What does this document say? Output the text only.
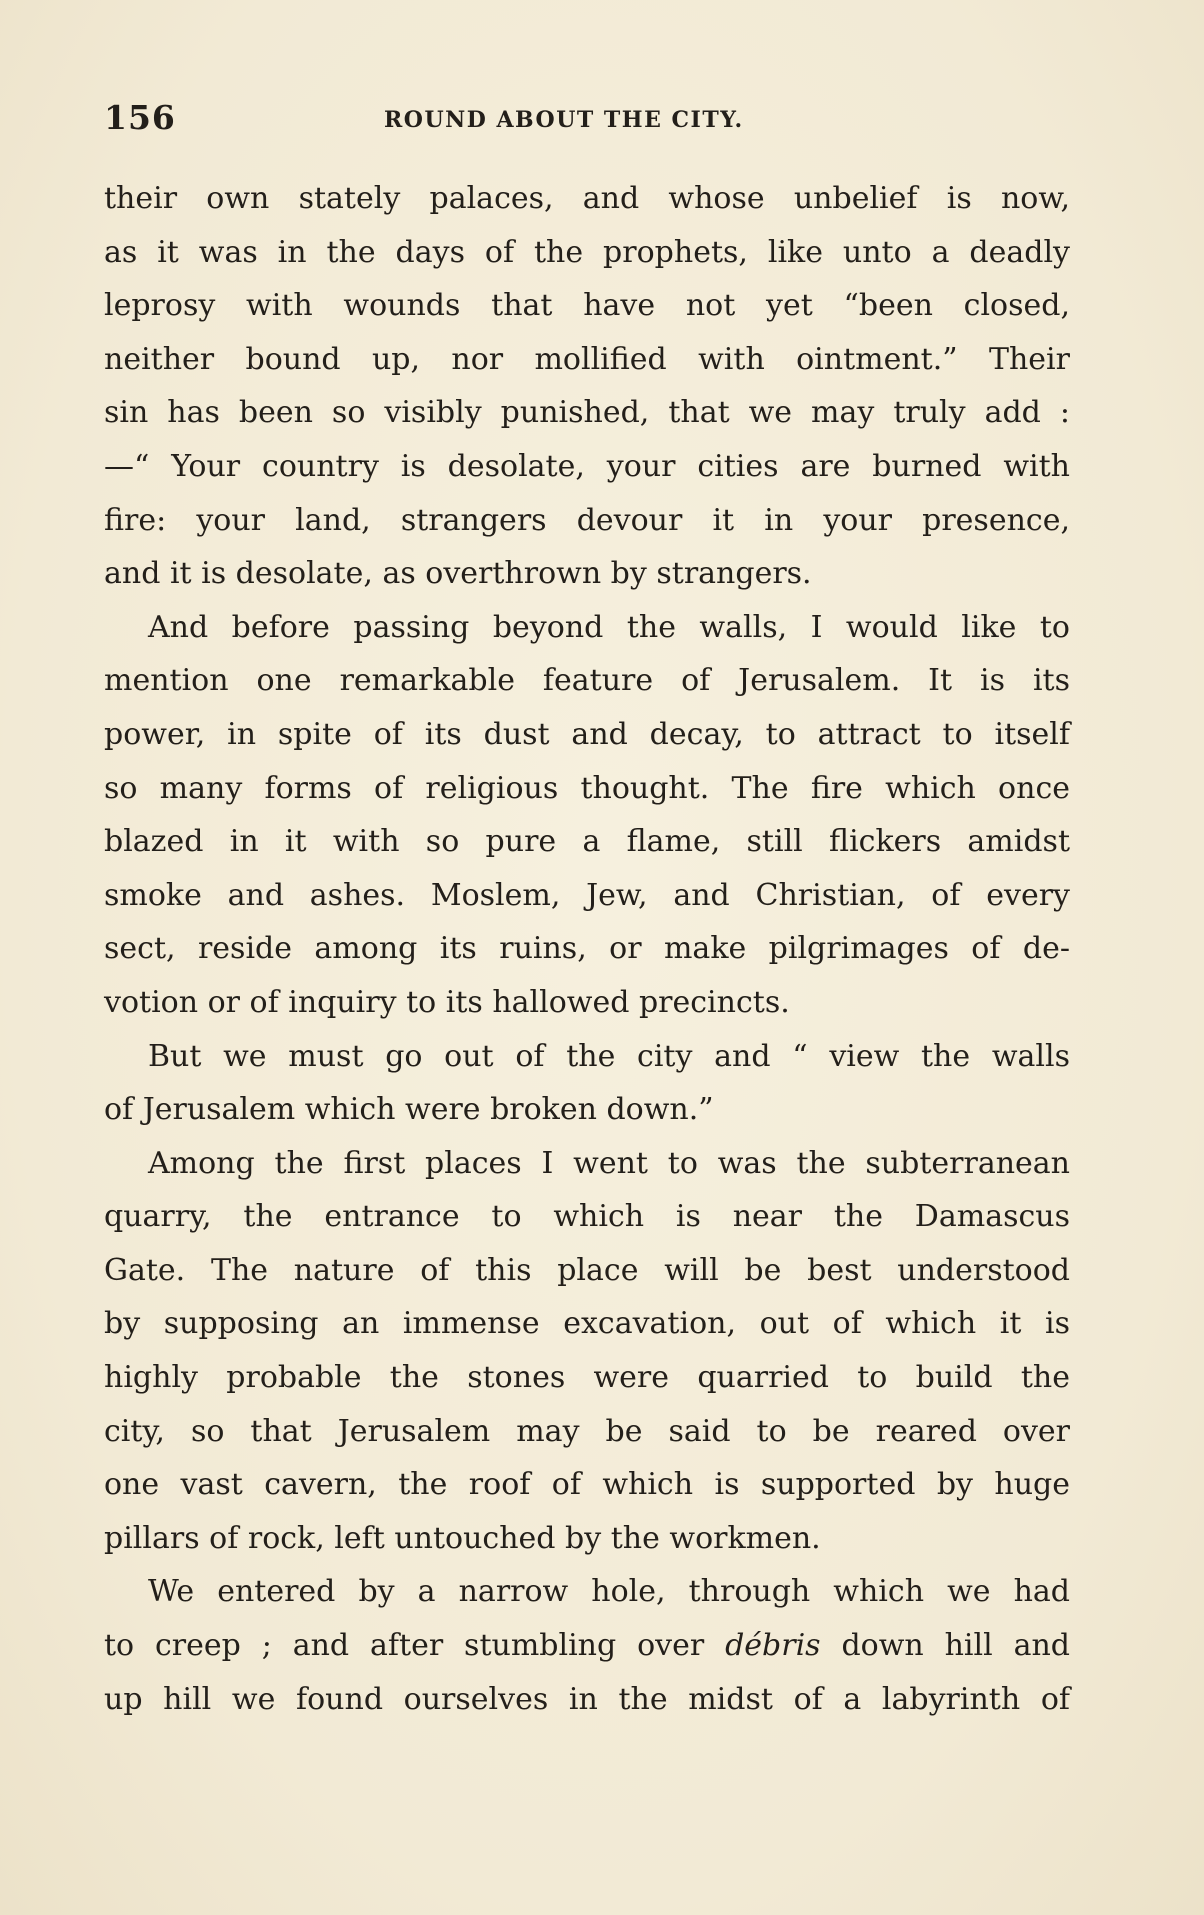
156	ROUND ABOUT THE CITY.
their own stately palaces, and whose unbelief is now,
as it was in the days of the prophets, like unto a deadly
leprosy with wounds that have not yet “been closed,
neither bound up, nor mollified with ointment.” Their
sin has been so visibly punished, that we may truly add :
—“ Your country is desolate, your cities are burned with
fire: your land, strangers devour it in your presence,
and it is desolate, as overthrown by strangers.
And before passing beyond the walls, I would like to
mention one remarkable feature of Jerusalem. It is its
power, in spite of its dust and decay, to attract to itself
so many forms of religious thought. The fire which once
blazed in it with so pure a flame, still flickers amidst
smoke and ashes. Moslem, Jew, and Christian, of every
sect, reside among its ruins, or make pilgrimages of de-
votion or of inquiry to its hallowed precincts.
But we must go out of the city and “ view the walls
of Jerusalem which were broken down.”
Among the first places I went to was the subterranean
quarry, the entrance to which is near the Damascus
Gate. The nature of this place will be best understood
by supposing an immense excavation, out of which it is
highly probable the stones were quarried to build the
city, so that Jerusalem may be said to be reared over
one vast cavern, the roof of which is supported by huge
pillars of rock, left untouched by the workmen.
We entered by a narrow hole, through which we had
to creep ; and after stumbling over débris down hill and
up hill we found ourselves in the midst of a labyrinth of
